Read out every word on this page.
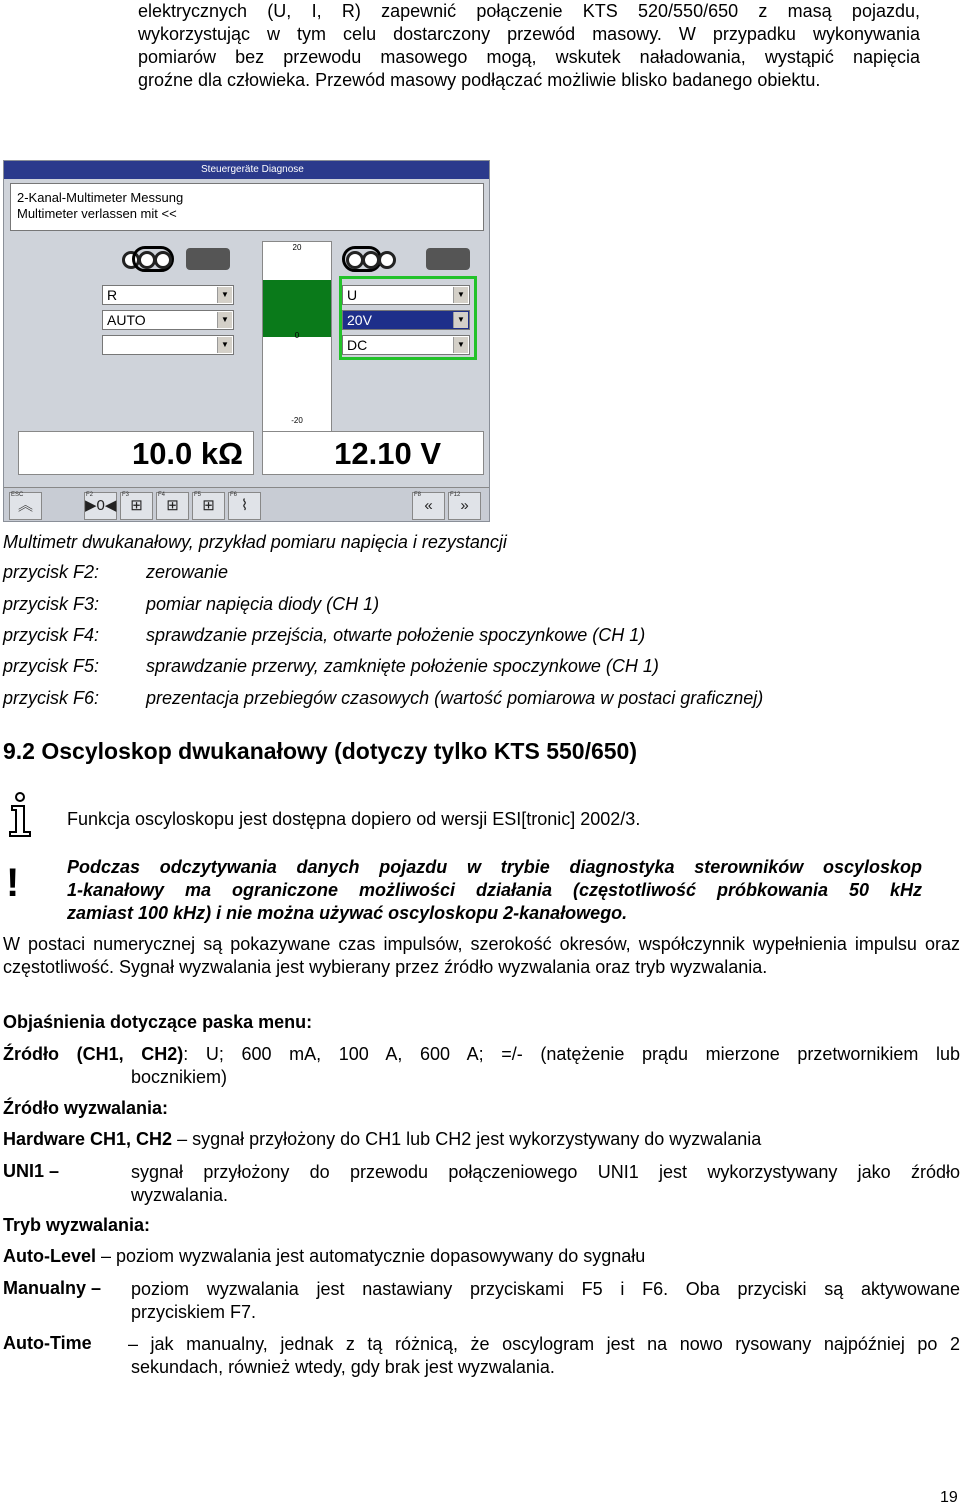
elektrycznych (U, I, R) zapewnić połączenie KTS 520/550/650 z masą pojazdu,
wykorzystując w tym celu dostarczony przewód masowy. W przypadku wykonywania
pomiarów bez przewodu masowego mogą, wskutek naładowania, wystąpić napięcia
groźne dla człowieka. Przewód masowy podłączać możliwie blisko badanego obiektu.
Steuergeräte Diagnose
2-Kanal-Multimeter Messung
Multimeter verlassen mit <<
R	▼
AUTO	▼
▼
U	▼
20V	▼
DC	▼
20
0
-20
10.0 kΩ	12.10 V
ESC
︽
F2
▶0◀
F3
⊞
F4
⊞
F5
⊞
F6
⌇
F8
«
F12
»
Multimetr dwukanałowy, przykład pomiaru napięcia i rezystancji
przycisk F2:	zerowanie
przycisk F3:	pomiar napięcia diody (CH 1)
przycisk F4:	sprawdzanie przejścia, otwarte położenie spoczynkowe (CH 1)
przycisk F5:	sprawdzanie przerwy, zamknięte położenie spoczynkowe (CH 1)
przycisk F6:	prezentacja przebiegów czasowych (wartość pomiarowa w postaci graficznej)
9.2 Oscyloskop dwukanałowy (dotyczy tylko KTS 550/650)
Funkcja oscyloskopu jest dostępna dopiero od wersji ESI[tronic] 2002/3.
!	Podczas odczytywania danych pojazdu w trybie diagnostyka sterowników oscyloskop
1-kanałowy ma ograniczone możliwości działania (częstotliwość próbkowania 50 kHz
zamiast 100 kHz) i nie można używać oscyloskopu 2-kanałowego.
W postaci numerycznej są pokazywane czas impulsów, szerokość okresów, współczynnik wypełnienia impulsu oraz częstotliwość. Sygnał wyzwalania jest wybierany przez źródło wyzwalania oraz tryb wyzwalania.
Objaśnienia dotyczące paska menu:
Źródło (CH1, CH2): U; 600 mA, 100 A, 600 A; =/- (natężenie prądu mierzone przetwornikiem lub
bocznikiem)
Źródło wyzwalania:
Hardware CH1, CH2 – sygnał przyłożony do CH1 lub CH2 jest wykorzystywany do wyzwalania
UNI1 –	sygnał przyłożony do przewodu połączeniowego UNI1 jest wykorzystywany jako źródło
wyzwalania.
Tryb wyzwalania:
Auto-Level – poziom wyzwalania jest automatycznie dopasowywany do sygnału
Manualny – poziom wyzwalania jest nastawiany przyciskami F5 i F6. Oba przyciski są aktywowane
przyciskiem F7.
Auto-Time – jak manualny, jednak z tą różnicą, że oscylogram jest na nowo rysowany najpóźniej po 2
sekundach, również wtedy, gdy brak jest wyzwalania.
19
